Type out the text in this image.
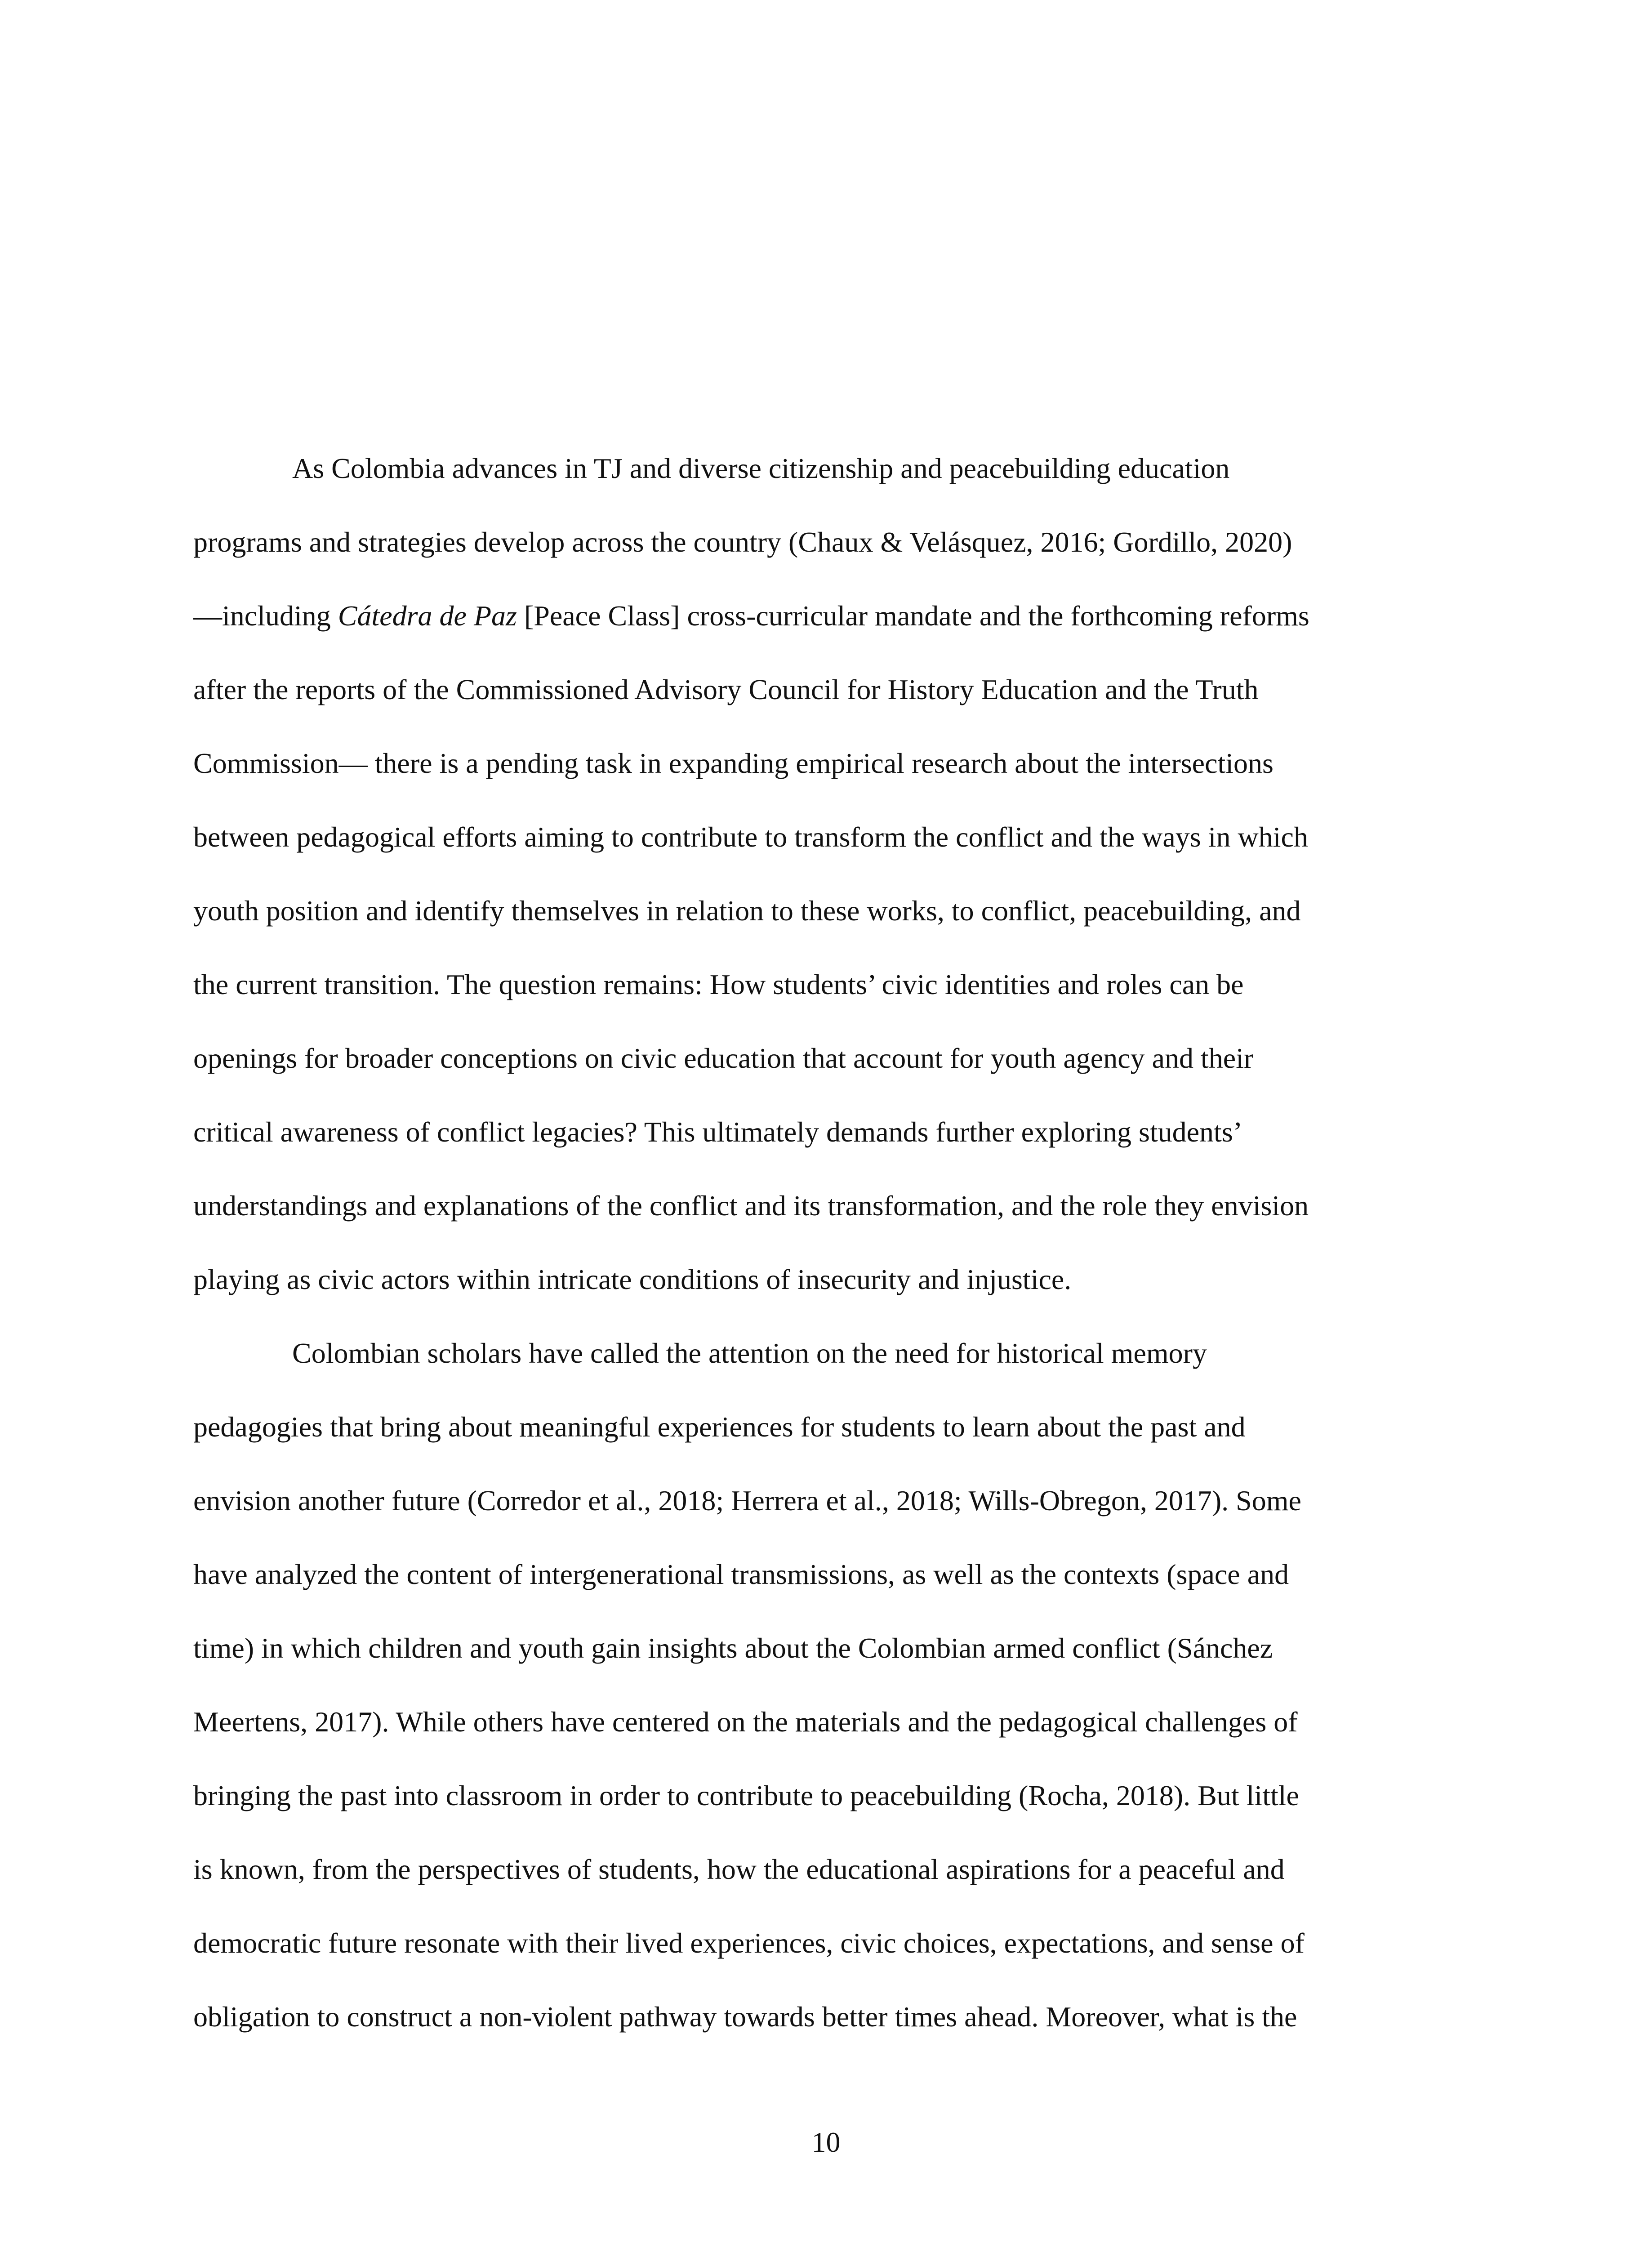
As Colombia advances in TJ and diverse citizenship and peacebuilding education
programs and strategies develop across the country (Chaux & Velásquez, 2016; Gordillo, 2020)
—including Cátedra de Paz [Peace Class] cross-curricular mandate and the forthcoming reforms
after the reports of the Commissioned Advisory Council for History Education and the Truth
Commission— there is a pending task in expanding empirical research about the intersections
between pedagogical efforts aiming to contribute to transform the conflict and the ways in which
youth position and identify themselves in relation to these works, to conflict, peacebuilding, and
the current transition. The question remains: How students’ civic identities and roles can be
openings for broader conceptions on civic education that account for youth agency and their
critical awareness of conflict legacies? This ultimately demands further exploring students’
understandings and explanations of the conflict and its transformation, and the role they envision
playing as civic actors within intricate conditions of insecurity and injustice.
Colombian scholars have called the attention on the need for historical memory
pedagogies that bring about meaningful experiences for students to learn about the past and
envision another future (Corredor et al., 2018; Herrera et al., 2018; Wills-Obregon, 2017). Some
have analyzed the content of intergenerational transmissions, as well as the contexts (space and
time) in which children and youth gain insights about the Colombian armed conflict (Sánchez
Meertens, 2017). While others have centered on the materials and the pedagogical challenges of
bringing the past into classroom in order to contribute to peacebuilding (Rocha, 2018). But little
is known, from the perspectives of students, how the educational aspirations for a peaceful and
democratic future resonate with their lived experiences, civic choices, expectations, and sense of
obligation to construct a non-violent pathway towards better times ahead. Moreover, what is the
10
